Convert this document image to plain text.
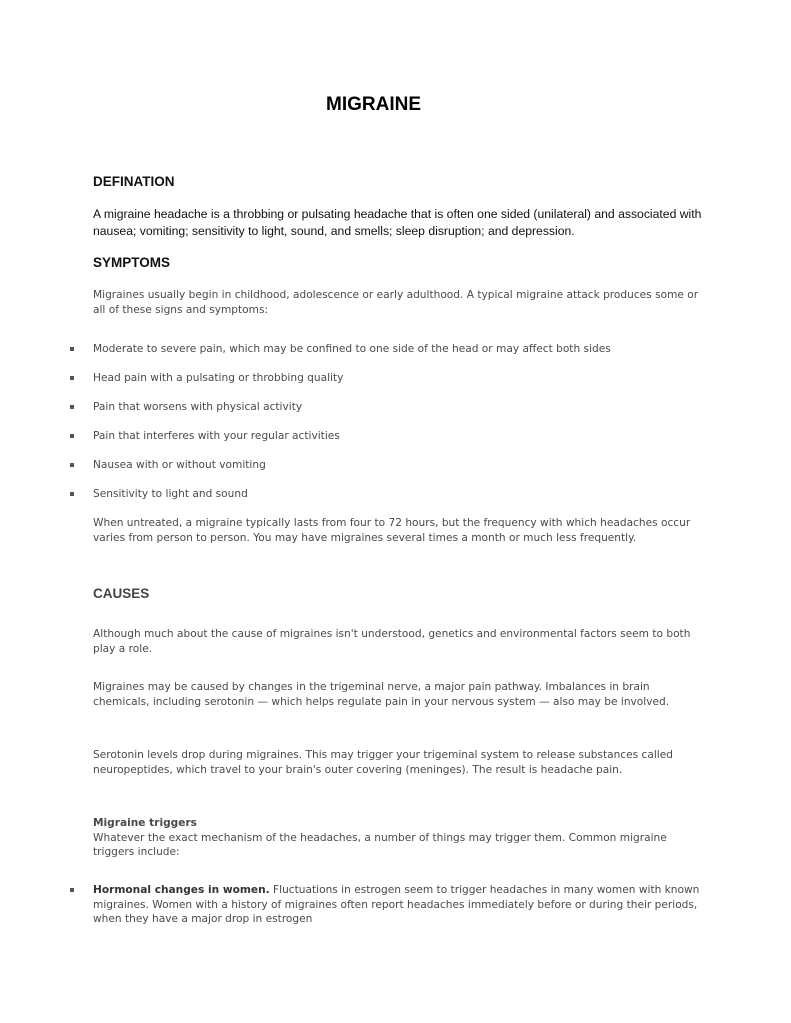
MIGRAINE
DEFINATION

A migraine headache is a throbbing or pulsating headache that is often one sided (unilateral) and associated with nausea; vomiting; sensitivity to light, sound, and smells; sleep disruption; and depression.

SYMPTOMS

Migraines usually begin in childhood, adolescence or early adulthood. A typical migraine attack produces some or all of these signs and symptoms:

Moderate to severe pain, which may be confined to one side of the head or may affect both sides

Head pain with a pulsating or throbbing quality

Pain that worsens with physical activity

Pain that interferes with your regular activities

Nausea with or without vomiting

Sensitivity to light and sound

When untreated, a migraine typically lasts from four to 72 hours, but the frequency with which headaches occur varies from person to person. You may have migraines several times a month or much less frequently.

CAUSES

Although much about the cause of migraines isn't understood, genetics and environmental factors seem to both play a role.

Migraines may be caused by changes in the trigeminal nerve, a major pain pathway. Imbalances in brain chemicals, including serotonin — which helps regulate pain in your nervous system — also may be involved.

Serotonin levels drop during migraines. This may trigger your trigeminal system to release substances called neuropeptides, which travel to your brain's outer covering (meninges). The result is headache pain.

Migraine triggers
Whatever the exact mechanism of the headaches, a number of things may trigger them. Common migraine triggers include:

Hormonal changes in women. Fluctuations in estrogen seem to trigger headaches in many women with known migraines. Women with a history of migraines often report headaches immediately before or during their periods, when they have a major drop in estrogen
